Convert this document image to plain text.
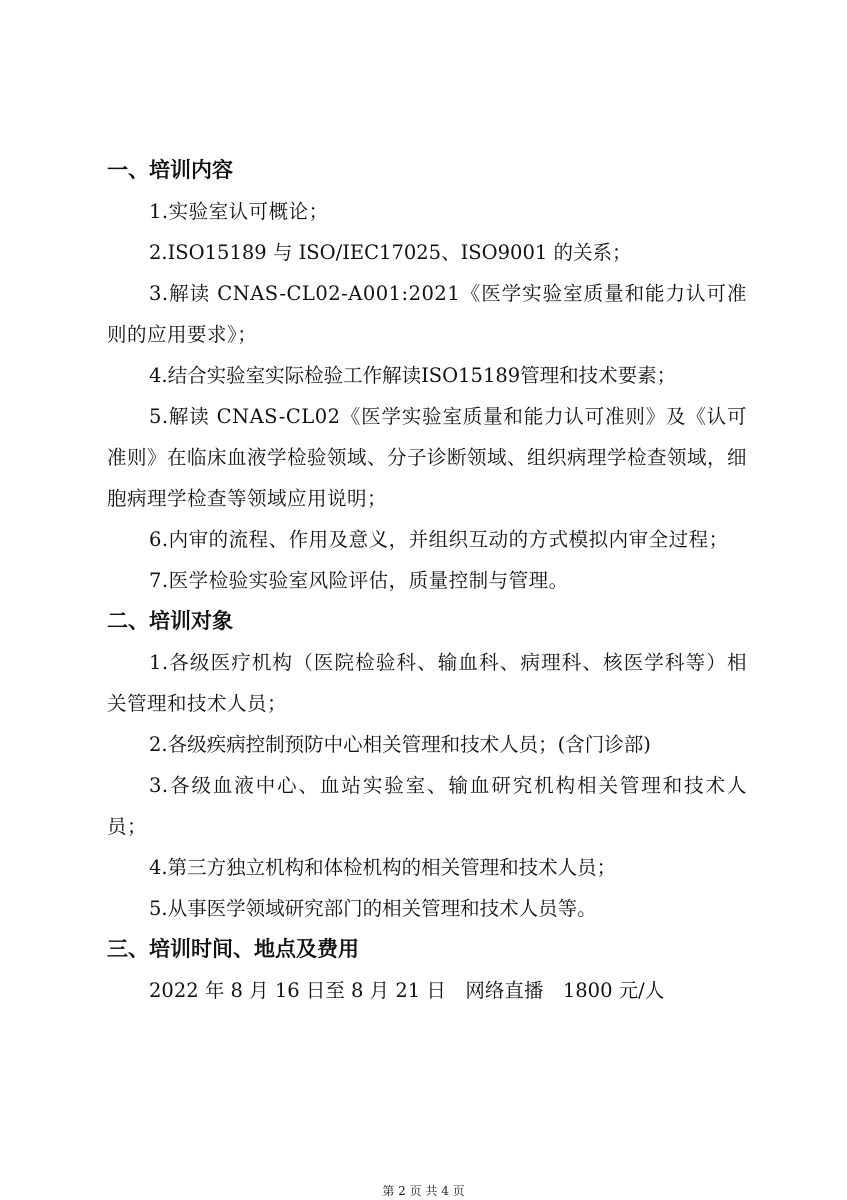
一、培训内容

1.实验室认可概论；

2.ISO15189 与 ISO/IEC17025、ISO9001 的关系；

3.解读 CNAS-CL02-A001:2021《医学实验室质量和能力认可准则的应用要求》；

4.结合实验室实际检验工作解读ISO15189管理和技术要素；

5.解读 CNAS-CL02《医学实验室质量和能力认可准则》及《认可准则》在临床血液学检验领域、分子诊断领域、组织病理学检查领域，细胞病理学检查等领域应用说明；

6.内审的流程、作用及意义，并组织互动的方式模拟内审全过程；

7.医学检验实验室风险评估，质量控制与管理。

二、培训对象

1.各级医疗机构（医院检验科、输血科、病理科、核医学科等）相关管理和技术人员；

2.各级疾病控制预防中心相关管理和技术人员；(含门诊部)

3.各级血液中心、血站实验室、输血研究机构相关管理和技术人员；

4.第三方独立机构和体检机构的相关管理和技术人员；

5.从事医学领域研究部门的相关管理和技术人员等。

三、培训时间、地点及费用

2022 年 8 月 16 日至 8 月 21 日　网络直播　1800 元/人

第 2 页 共 4 页
